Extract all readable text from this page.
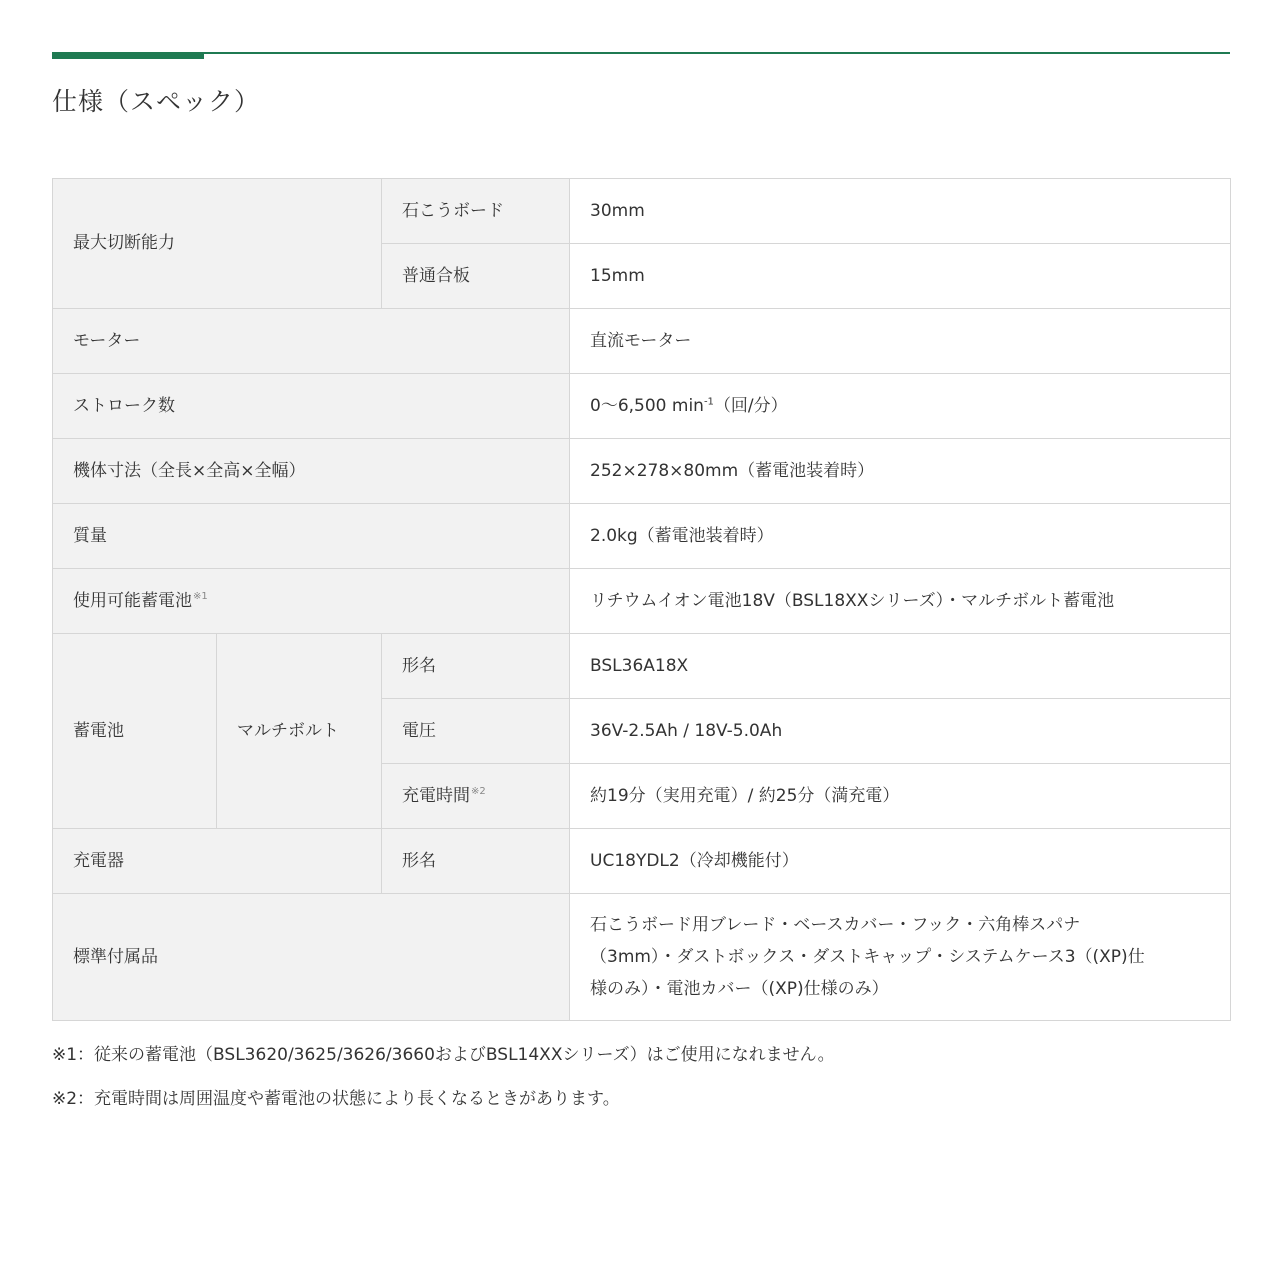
仕様（スペック）
最大切断能力		石こうボード	30mm
		普通合板	15mm
モーター			直流モーター
ストローク数			0～6,500 $\min^{-1}$（回/分）
機体寸法（全長×全高×全幅）			252×278×80mm（蓄電池装着時）
質量			2.0kg（蓄電池装着時）
使用可能蓄電池$^{※1}$			リチウムイオン電池18V（BSL18XXシリーズ）・マルチボルト蓄電池
蓄電池	マルチボルト	形名	BSL36A18X
		電圧	36V-2.5Ah / 18V-5.0Ah
		充電時間$^{※2}$	約19分（実用充電）/ 約25分（満充電）
充電器		形名	UC18YDL2（冷却機能付）
標準付属品			石こうボード用ブレード・ベースカバー・フック・六角棒スパナ
（3mm）・ダストボックス・ダストキャップ・システムケース3（(XP)仕
様のみ）・電池カバー（(XP)仕様のみ）

※1：従来の蓄電池（BSL3620/3625/3626/3660およびBSL14XXシリーズ）はご使用になれません。

※2：充電時間は周囲温度や蓄電池の状態により長くなるときがあります。
